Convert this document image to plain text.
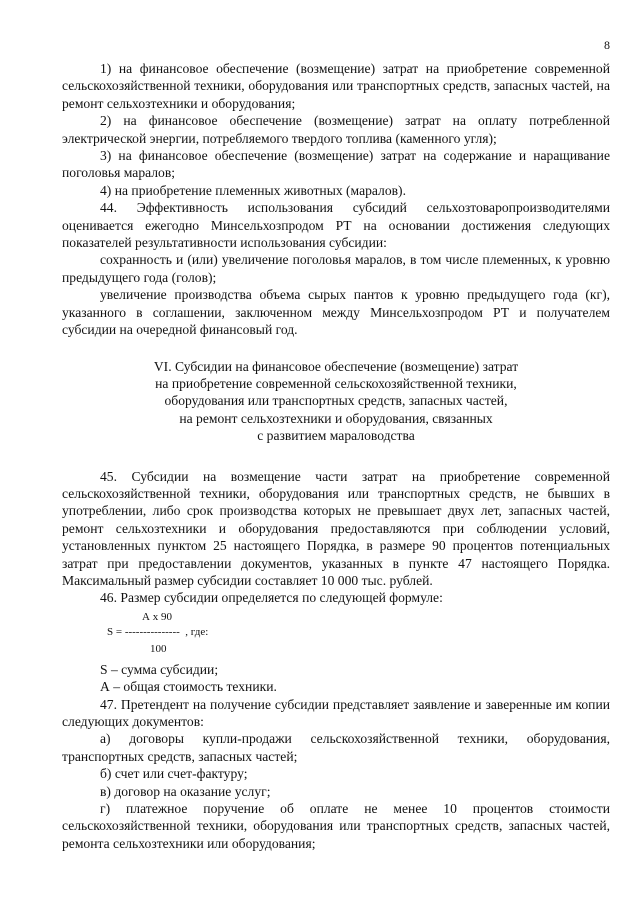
8

1) на финансовое обеспечение (возмещение) затрат на приобретение современной сельскохозяйственной техники, оборудования или транспортных средств, запасных частей, на ремонт сельхозтехники и оборудования;

2) на финансовое обеспечение (возмещение) затрат на оплату потребленной электрической энергии, потребляемого твердого топлива (каменного угля);

3) на финансовое обеспечение (возмещение) затрат на содержание и наращивание поголовья маралов;

4) на приобретение племенных животных (маралов).

44. Эффективность использования субсидий сельхозтоваропроизводителями оценивается ежегодно Минсельхозпродом РТ на основании достижения следующих показателей результативности использования субсидии:

сохранность и (или) увеличение поголовья маралов, в том числе племенных, к уровню предыдущего года (голов);

увеличение производства объема сырых пантов к уровню предыдущего года (кг), указанного в соглашении, заключенном между Минсельхозпродом РТ и получателем субсидии на очередной финансовый год.

VI. Субсидии на финансовое обеспечение (возмещение) затрат
на приобретение современной сельскохозяйственной техники,
оборудования или транспортных средств, запасных частей,
на ремонт сельхозтехники и оборудования, связанных
с развитием мараловодства

45. Субсидии на возмещение части затрат на приобретение современной сельскохозяйственной техники, оборудования или транспортных средств, не бывших в употреблении, либо срок производства которых не превышает двух лет, запасных частей, ремонт сельхозтехники и оборудования предоставляются при соблюдении условий, установленных пунктом 25 настоящего Порядка, в размере 90 процентов потенциальных затрат при предоставлении документов, указанных в пункте 47 настоящего Порядка. Максимальный размер субсидии составляет 10 000 тыс. рублей.

46. Размер субсидии определяется по следующей формуле:

А х 90
S = ---------------  , где:
100

S – сумма субсидии;

А – общая стоимость техники.

47. Претендент на получение субсидии представляет заявление и заверенные им копии следующих документов:

а) договоры купли-продажи сельскохозяйственной техники, оборудования, транспортных средств, запасных частей;

б) счет или счет-фактуру;

в) договор на оказание услуг;

г) платежное поручение об оплате не менее 10 процентов стоимости сельскохозяйственной техники, оборудования или транспортных средств, запасных частей, ремонта сельхозтехники или оборудования;
